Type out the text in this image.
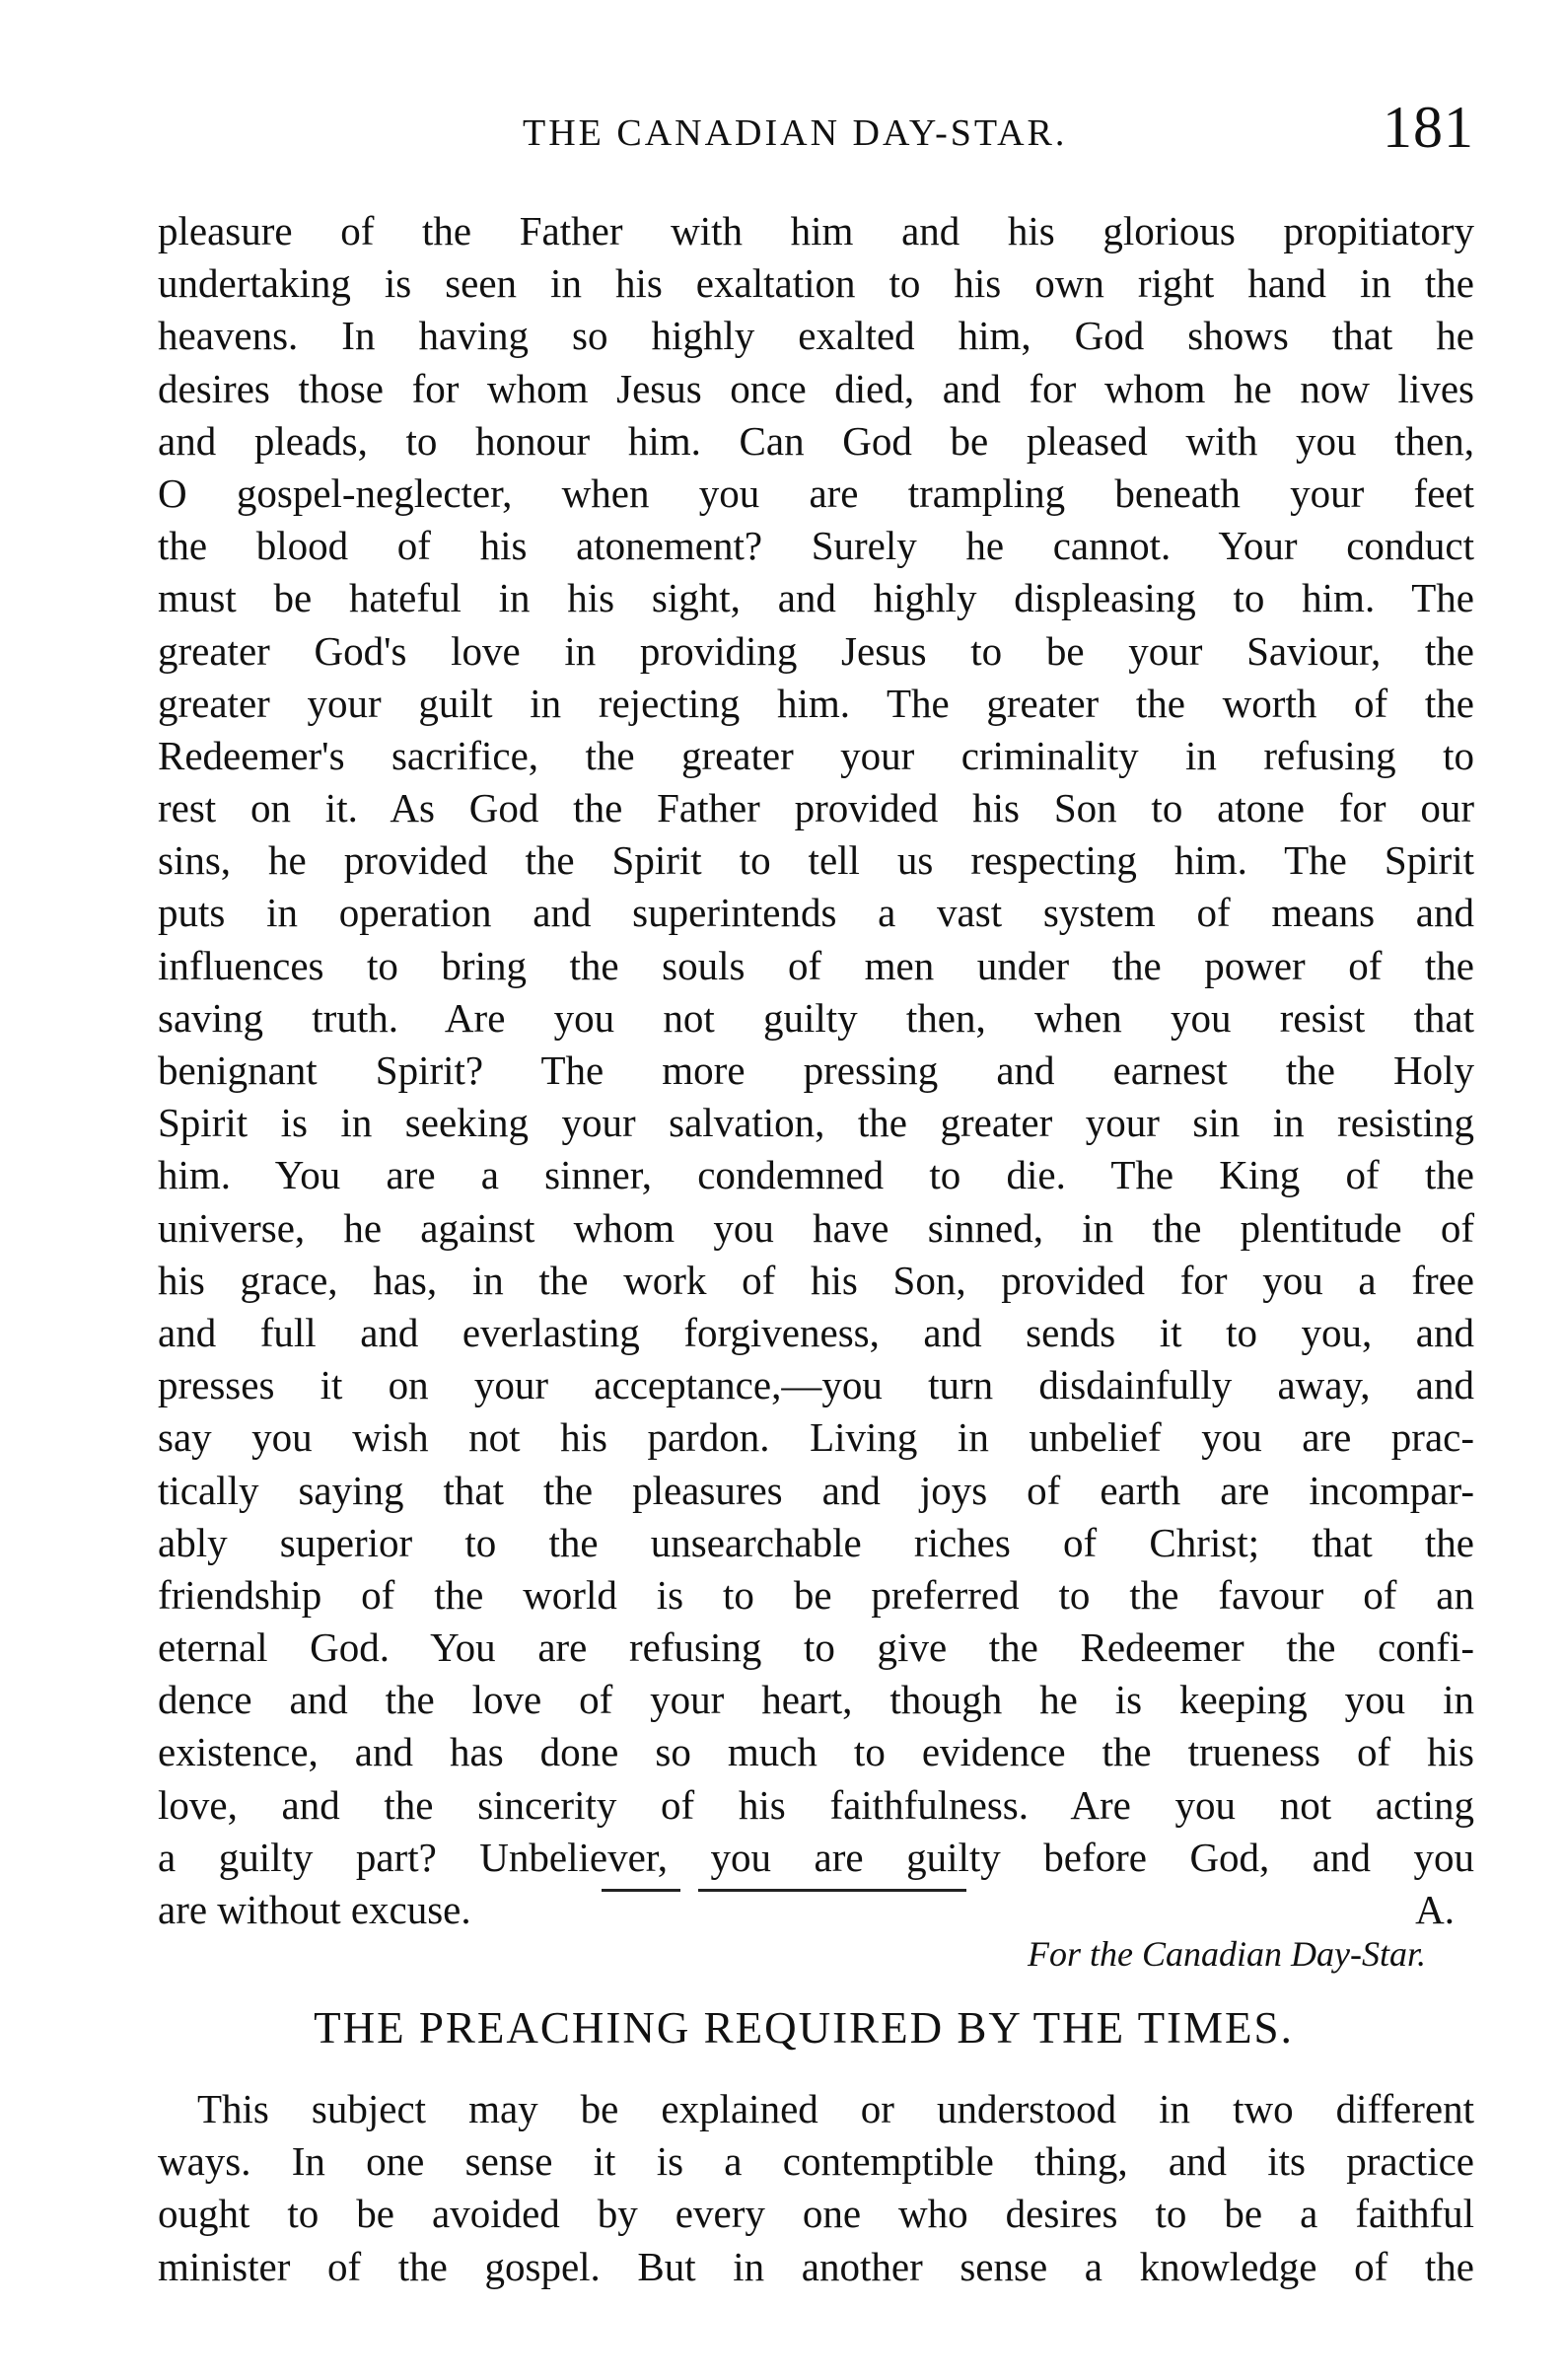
THE CANADIAN DAY-STAR.	181
pleasure of the Father with him and his glorious propitiatory
undertaking is seen in his exaltation to his own right hand in the
heavens. In having so highly exalted him, God shows that he
desires those for whom Jesus once died, and for whom he now lives
and pleads, to honour him. Can God be pleased with you then,
O gospel-neglecter, when you are trampling beneath your feet
the blood of his atonement? Surely he cannot. Your conduct
must be hateful in his sight, and highly displeasing to him. The
greater God's love in providing Jesus to be your Saviour, the
greater your guilt in rejecting him. The greater the worth of the
Redeemer's sacrifice, the greater your criminality in refusing to
rest on it. As God the Father provided his Son to atone for our
sins, he provided the Spirit to tell us respecting him. The Spirit
puts in operation and superintends a vast system of means and
influences to bring the souls of men under the power of the
saving truth. Are you not guilty then, when you resist that
benignant Spirit? The more pressing and earnest the Holy
Spirit is in seeking your salvation, the greater your sin in resisting
him. You are a sinner, condemned to die. The King of the
universe, he against whom you have sinned, in the plentitude of
his grace, has, in the work of his Son, provided for you a free
and full and everlasting forgiveness, and sends it to you, and
presses it on your acceptance,—you turn disdainfully away, and
say you wish not his pardon. Living in unbelief you are prac-
tically saying that the pleasures and joys of earth are incompar-
ably superior to the unsearchable riches of Christ; that the
friendship of the world is to be preferred to the favour of an
eternal God. You are refusing to give the Redeemer the confi-
dence and the love of your heart, though he is keeping you in
existence, and has done so much to evidence the trueness of his
love, and the sincerity of his faithfulness. Are you not acting
a guilty part? Unbeliever, you are guilty before God, and you
are without excuse.	A.
For the Canadian Day-Star.
THE PREACHING REQUIRED BY THE TIMES.
This subject may be explained or understood in two different
ways. In one sense it is a contemptible thing, and its practice
ought to be avoided by every one who desires to be a faithful
minister of the gospel. But in another sense a knowledge of the
